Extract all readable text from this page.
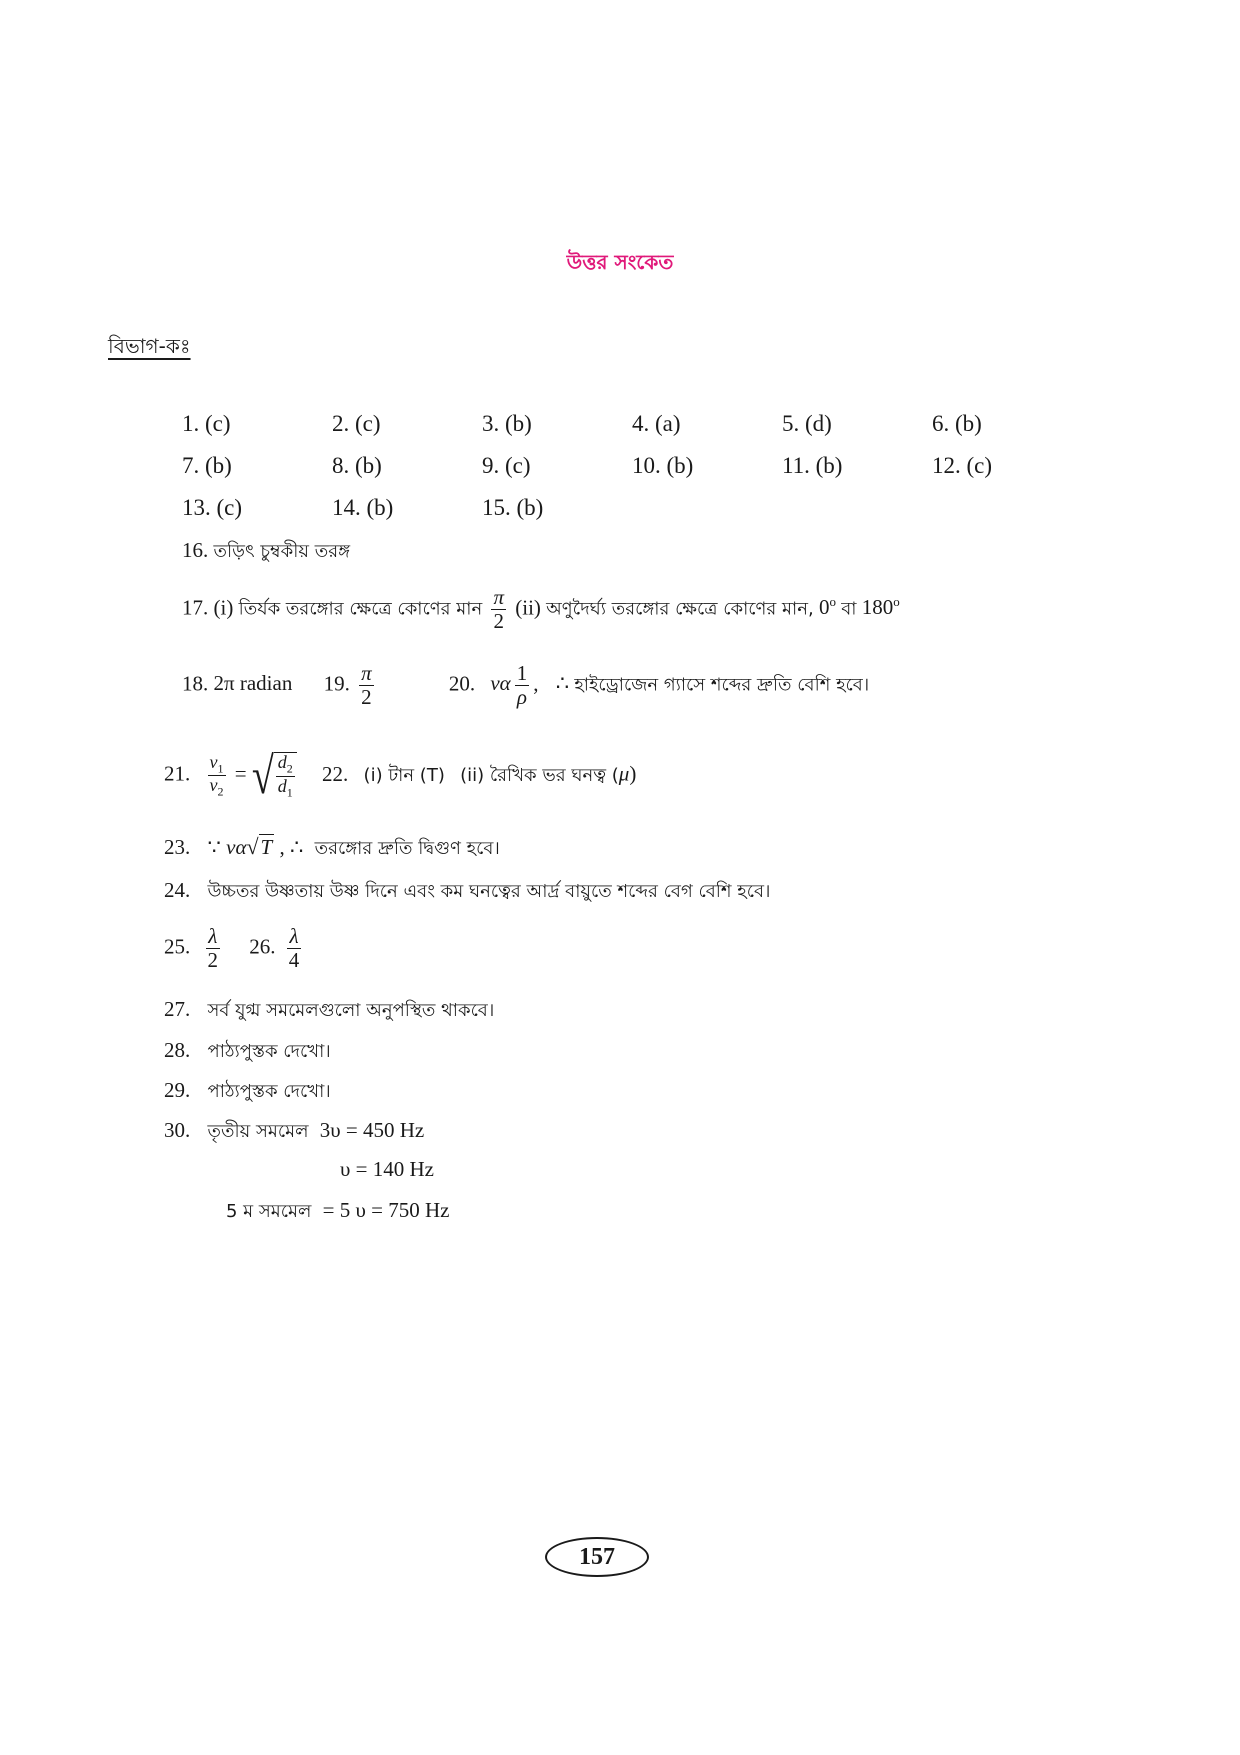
উত্তর সংকেত
বিভাগ-কঃ
1. (c)	2. (c)	3. (b)	4. (a)	5. (d)	6. (b)
7. (b)	8. (b)	9. (c)	10. (b)	11. (b)	12. (c)
13. (c)	14. (b)	15. (b)
16. তড়িৎ চুম্বকীয় তরঙ্গ
17. (i) তির্যক তরঙ্গোর ক্ষেত্রে কোণের মান $\frac{\pi}{2} (ii)$ অণুদৈর্ঘ্য তরঙ্গোর ক্ষেত্রে কোণের মান, 0$^o$ বা 180$^o$
18. 2π radian 19. $\frac{\pi}{2}$	20. vα $\frac{1}{\rho}$ , ∴ হাইড্রোজেন গ্যাসে শব্দের দ্রুতি বেশি হবে।
21. $\frac{v_1}{v_2}$ = √ $\frac{d_2}{d_1} 22$. (i) টান (T) (ii) রৈখিক ভর ঘনত্ব (μ)
23. ∵ vα√T , ∴ তরঙ্গোর দ্রুতি দ্বিগুণ হবে।
24. উচ্চতর উষ্ণতায় উষ্ণ দিনে এবং কম ঘনত্বের আর্দ্র বায়ুতে শব্দের বেগ বেশি হবে।
25. $\frac{\lambda}{2} 26$. $\frac{\lambda}{4}$
27. সর্ব যুগ্ম সমমেলগুলো অনুপস্থিত থাকবে।
28. পাঠ্যপুস্তক দেখো।
29. পাঠ্যপুস্তক দেখো।
30. তৃতীয় সমমেল 3υ = 450 Hz
υ = 140 Hz
5 ম সমমেল = 5 υ = 750 Hz
157
